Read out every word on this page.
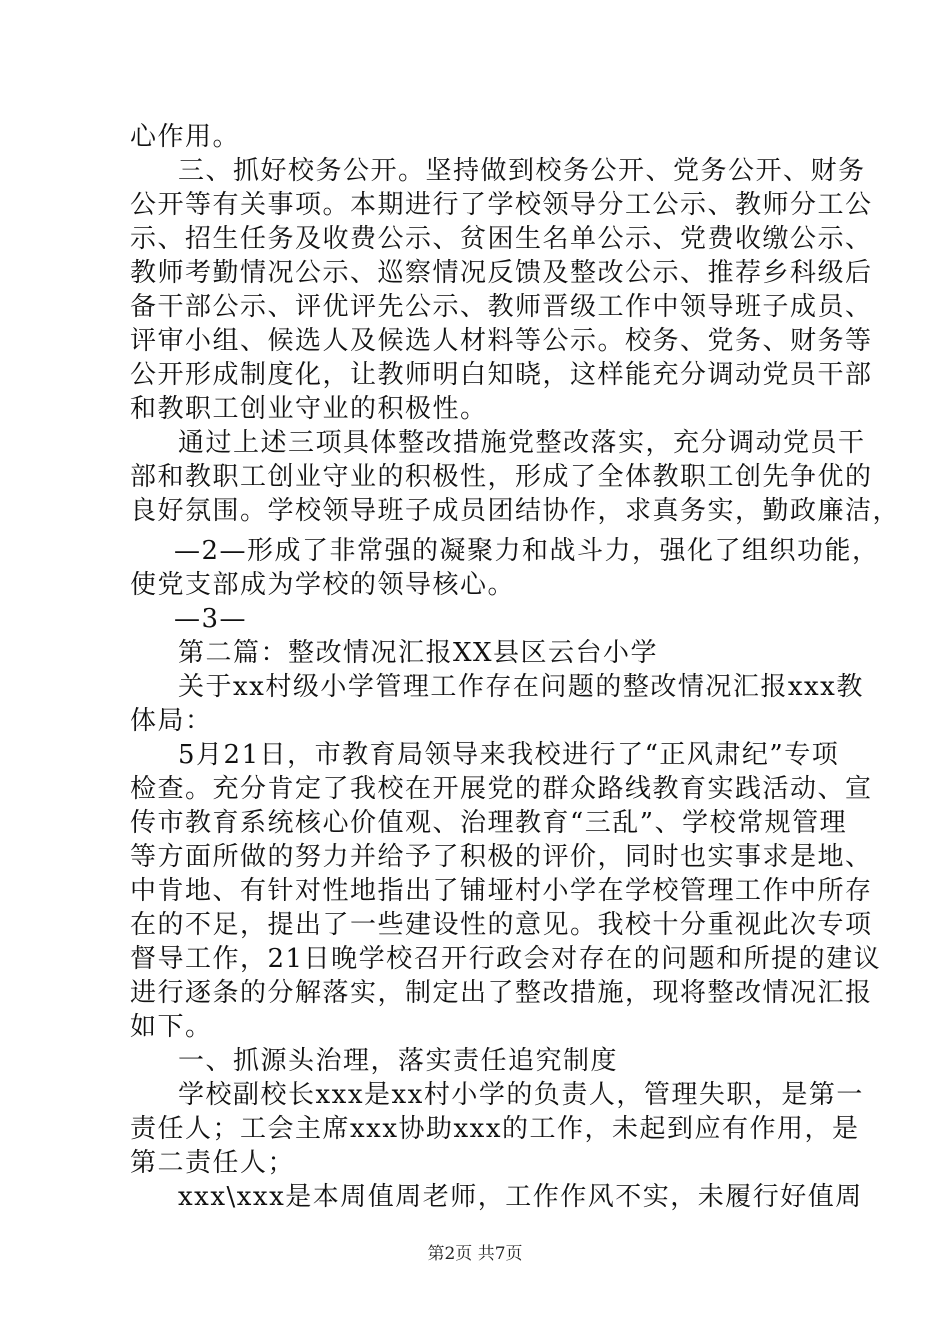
心作用。
三、抓好校务公开。坚持做到校务公开、党务公开、财务
公开等有关事项。本期进行了学校领导分工公示、教师分工公
示、招生任务及收费公示、贫困生名单公示、党费收缴公示、
教师考勤情况公示、巡察情况反馈及整改公示、推荐乡科级后
备干部公示、评优评先公示、教师晋级工作中领导班子成员、
评审小组、候选人及候选人材料等公示。校务、党务、财务等
公开形成制度化，让教师明白知晓，这样能充分调动党员干部
和教职工创业守业的积极性。
通过上述三项具体整改措施党整改落实，充分调动党员干
部和教职工创业守业的积极性，形成了全体教职工创先争优的
良好氛围。学校领导班子成员团结协作，求真务实，勤政廉洁，
—2—形成了非常强的凝聚力和战斗力，强化了组织功能，
使党支部成为学校的领导核心。
—3—
第二篇：整改情况汇报XX县区云台小学
关于xx村级小学管理工作存在问题的整改情况汇报xxx教
体局：
5月21日，市教育局领导来我校进行了“正风肃纪”专项
检查。充分肯定了我校在开展党的群众路线教育实践活动、宣
传市教育系统核心价值观、治理教育“三乱”、学校常规管理
等方面所做的努力并给予了积极的评价，同时也实事求是地、
中肯地、有针对性地指出了铺垭村小学在学校管理工作中所存
在的不足，提出了一些建设性的意见。我校十分重视此次专项
督导工作，21日晚学校召开行政会对存在的问题和所提的建议
进行逐条的分解落实，制定出了整改措施，现将整改情况汇报
如下。
一、抓源头治理，落实责任追究制度
学校副校长xxx是xx村小学的负责人，管理失职，是第一
责任人；工会主席xxx协助xxx的工作，未起到应有作用，是
第二责任人；
第2页 共7页
xxx\xxx是本周值周老师，工作作风不实，未履行好值周
